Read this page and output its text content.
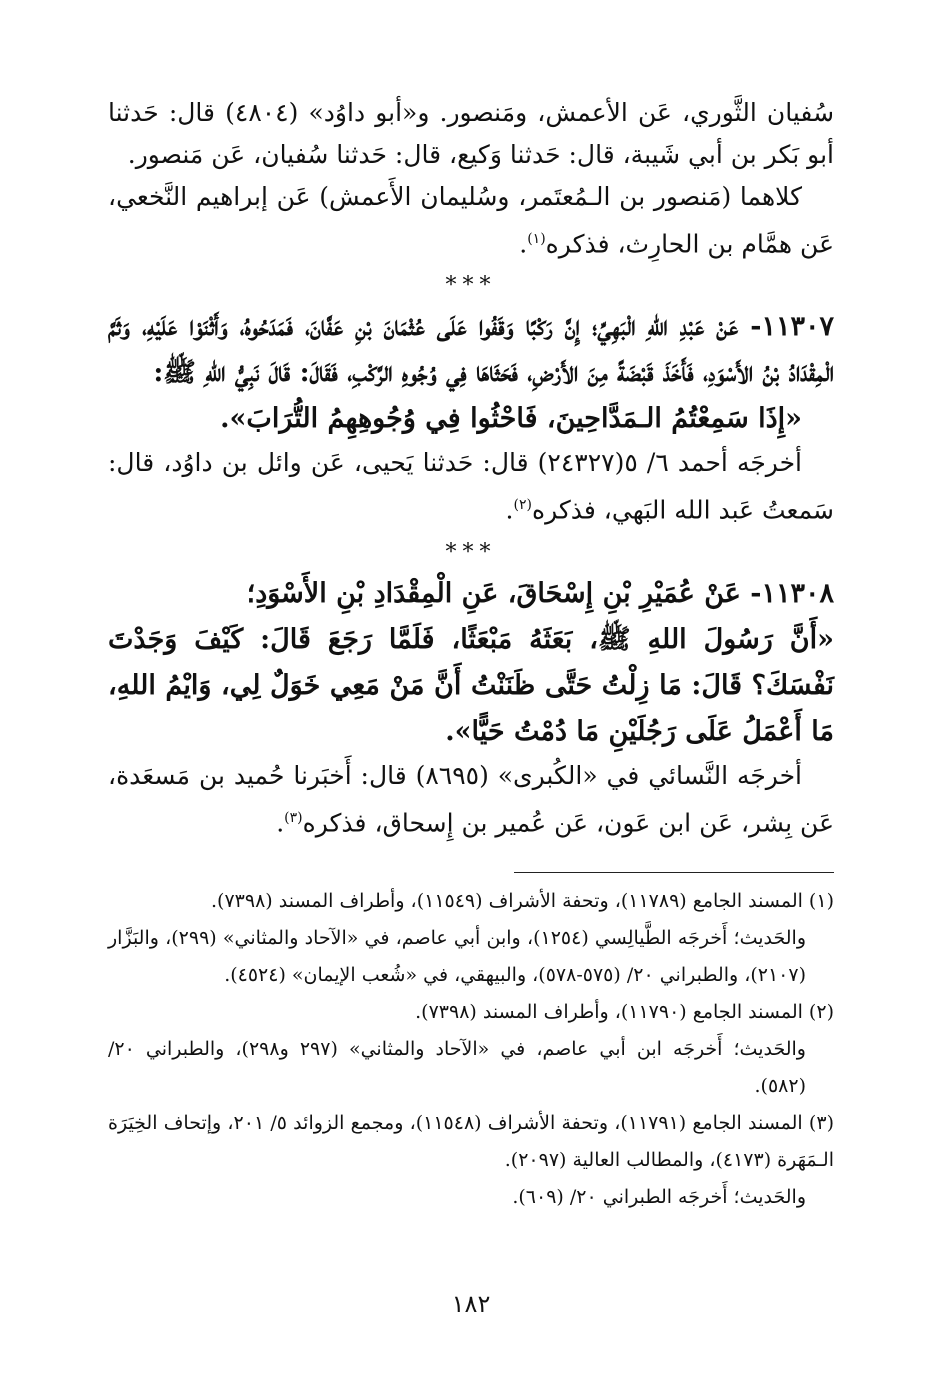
سُفيان الثَّوري، عَن الأعمش، ومَنصور. و«أبو داوُد» (٤٨٠٤) قال: حَدثنا أبو بَكر بن أبي شَيبة، قال: حَدثنا وَكيع، قال: حَدثنا سُفيان، عَن مَنصور.

كلاهما (مَنصور بن الـمُعتَمر، وسُليمان الأَعمش) عَن إبراهيم النَّخعي، عَن همَّام بن الحارِث، فذكره$^{(١)}$.

***

١١٣٠٧- عَنْ عَبْدِ اللهِ الْبَهِيِّ؛ إِنَّ رَكْبًا وَقَفُوا عَلَى عُثْمَانَ بْنِ عَفَّانَ، فَمَدَحُوهُ، وَأَثْنَوْا عَلَيْهِ، وَثَمَّ الْمِقْدَادُ بْنُ الأَسْوَدِ، فَأَخَذَ قَبْضَةً مِنَ الأَرْضِ، فَحَثَاهَا فِي وُجُوهِ الرَّكْبِ، فَقَالَ: قَالَ نَبِيُّ اللهِ ﷺ:

«إِذَا سَمِعْتُمُ الـمَدَّاحِينَ، فَاحْثُوا فِي وُجُوهِهِمُ التُّرَابَ».

أخرجَه أحمد ٦/ ٥(٢٤٣٢٧) قال: حَدثنا يَحيى، عَن وائل بن داوُد، قال: سَمعتُ عَبد الله البَهي، فذكره$^{(٢)}$.

***

١١٣٠٨- عَنْ عُمَيْرِ بْنِ إِسْحَاقَ، عَنِ الْمِقْدَادِ بْنِ الأَسْوَدِ؛

«أَنَّ رَسُولَ اللهِ ﷺ، بَعَثَهُ مَبْعَثًا، فَلَمَّا رَجَعَ قَالَ: كَيْفَ وَجَدْتَ نَفْسَكَ؟ قَالَ: مَا زِلْتُ حَتَّى ظَنَنْتُ أَنَّ مَنْ مَعِي خَوَلٌ لِي، وَايْمُ اللهِ، مَا أَعْمَلُ عَلَى رَجُلَيْنِ مَا دُمْتُ حَيًّا».

أخرجَه النَّسائي في «الكُبرى» (٨٦٩٥) قال: أَخبَرنا حُميد بن مَسعَدة، عَن بِشر، عَن ابن عَون، عَن عُمير بن إِسحاق، فذكره$^{(٣)}$.

(١) المسند الجامع (١١٧٨٩)، وتحفة الأشراف (١١٥٤٩)، وأطراف المسند (٧٣٩٨).

والحَديث؛ أَخرجَه الطَّيالِسي (١٢٥٤)، وابن أبي عاصم، في «الآحاد والمثاني» (٢٩٩)، والبَزَّار (٢١٠٧)، والطبراني ٢٠/ (٥٧٥-٥٧٨)، والبيهقي، في «شُعب الإيمان» (٤٥٢٤).

(٢) المسند الجامع (١١٧٩٠)، وأطراف المسند (٧٣٩٨).

والحَديث؛ أَخرجَه ابن أبي عاصم، في «الآحاد والمثاني» (٢٩٧ و٢٩٨)، والطبراني ٢٠/ (٥٨٢).

(٣) المسند الجامع (١١٧٩١)، وتحفة الأشراف (١١٥٤٨)، ومجمع الزوائد ٥/ ٢٠١، وإتحاف الخِيَرَة الـمَهَرة (٤١٧٣)، والمطالب العالية (٢٠٩٧).

والحَديث؛ أَخرجَه الطبراني ٢٠/ (٦٠٩).

١٨٢
